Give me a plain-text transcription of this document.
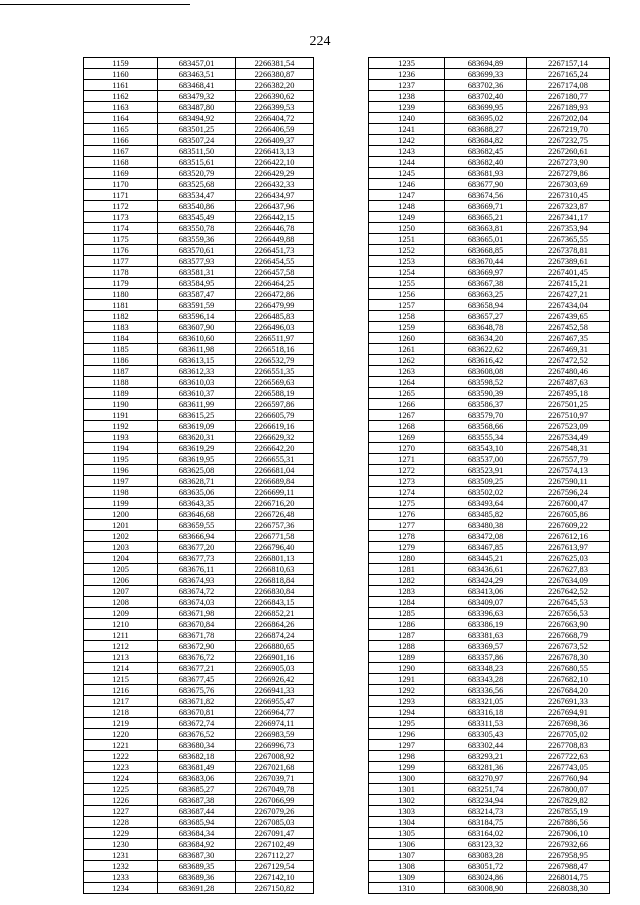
224
1159	683457,01	2266381,54
1160	683463,51	2266380,87
1161	683468,41	2266382,20
1162	683479,32	2266390,62
1163	683487,80	2266399,53
1164	683494,92	2266404,72
1165	683501,25	2266406,59
1166	683507,24	2266409,37
1167	683511,50	2266413,13
1168	683515,61	2266422,10
1169	683520,79	2266429,29
1170	683525,68	2266432,33
1171	683534,47	2266434,97
1172	683540,86	2266437,96
1173	683545,49	2266442,15
1174	683550,78	2266446,78
1175	683559,36	2266449,88
1176	683570,61	2266451,73
1177	683577,93	2266454,55
1178	683581,31	2266457,58
1179	683584,95	2266464,25
1180	683587,47	2266472,86
1181	683591,59	2266479,99
1182	683596,14	2266485,83
1183	683607,90	2266496,03
1184	683610,60	2266511,97
1185	683611,98	2266518,16
1186	683613,15	2266532,79
1187	683612,33	2266551,35
1188	683610,03	2266569,63
1189	683610,37	2266588,19
1190	683611,99	2266597,86
1191	683615,25	2266605,79
1192	683619,09	2266619,16
1193	683620,31	2266629,32
1194	683619,29	2266642,20
1195	683619,95	2266655,31
1196	683625,08	2266681,04
1197	683628,71	2266689,84
1198	683635,06	2266699,11
1199	683643,35	2266716,20
1200	683646,68	2266726,48
1201	683659,55	2266757,36
1202	683666,94	2266771,58
1203	683677,20	2266796,40
1204	683677,73	2266801,13
1205	683676,11	2266810,63
1206	683674,93	2266818,84
1207	683674,72	2266830,84
1208	683674,03	2266843,15
1209	683671,98	2266852,21
1210	683670,84	2266864,26
1211	683671,78	2266874,24
1212	683672,90	2266880,65
1213	683676,72	2266901,16
1214	683677,21	2266905,03
1215	683677,45	2266926,42
1216	683675,76	2266941,33
1217	683671,82	2266955,47
1218	683670,81	2266964,77
1219	683672,74	2266974,11
1220	683676,52	2266983,59
1221	683680,34	2266996,73
1222	683682,18	2267008,92
1223	683681,49	2267021,68
1224	683683,06	2267039,71
1225	683685,27	2267049,78
1226	683687,38	2267066,99
1227	683687,44	2267079,26
1228	683685,94	2267085,03
1229	683684,34	2267091,47
1230	683684,92	2267102,49
1231	683687,30	2267112,27
1232	683689,35	2267129,54
1233	683689,36	2267142,10
1234	683691,28	2267150,82
1235	683694,89	2267157,14
1236	683699,33	2267165,24
1237	683702,36	2267174,08
1238	683702,40	2267180,77
1239	683699,95	2267189,93
1240	683695,02	2267202,04
1241	683688,27	2267219,70
1242	683684,82	2267232,75
1243	683682,45	2267260,61
1244	683682,40	2267273,90
1245	683681,93	2267279,86
1246	683677,90	2267303,69
1247	683674,56	2267310,45
1248	683669,71	2267323,87
1249	683665,21	2267341,17
1250	683663,81	2267353,94
1251	683665,01	2267365,55
1252	683668,85	2267378,81
1253	683670,44	2267389,61
1254	683669,97	2267401,45
1255	683667,38	2267415,21
1256	683663,25	2267427,21
1257	683658,94	2267434,04
1258	683657,27	2267439,65
1259	683648,78	2267452,58
1260	683634,20	2267467,35
1261	683622,62	2267469,31
1262	683616,42	2267472,52
1263	683608,08	2267480,46
1264	683598,52	2267487,63
1265	683590,39	2267495,18
1266	683586,37	2267501,25
1267	683579,70	2267510,97
1268	683568,66	2267523,09
1269	683555,34	2267534,49
1270	683543,10	2267548,31
1271	683537,00	2267557,79
1272	683523,91	2267574,13
1273	683509,25	2267590,11
1274	683502,02	2267596,24
1275	683493,64	2267600,47
1276	683485,82	2267605,86
1277	683480,38	2267609,22
1278	683472,08	2267612,16
1279	683467,85	2267613,97
1280	683445,21	2267625,03
1281	683436,61	2267627,83
1282	683424,29	2267634,09
1283	683413,06	2267642,52
1284	683409,07	2267645,53
1285	683396,63	2267656,53
1286	683386,19	2267663,90
1287	683381,63	2267668,79
1288	683369,57	2267673,52
1289	683357,86	2267678,30
1290	683348,23	2267680,55
1291	683343,28	2267682,10
1292	683336,56	2267684,20
1293	683321,05	2267691,33
1294	683316,18	2267694,91
1295	683311,53	2267698,36
1296	683305,43	2267705,02
1297	683302,44	2267708,83
1298	683293,21	2267722,63
1299	683281,36	2267743,05
1300	683270,97	2267760,94
1301	683251,74	2267800,07
1302	683234,94	2267829,82
1303	683214,73	2267855,19
1304	683184,75	2267886,56
1305	683164,02	2267906,10
1306	683123,32	2267932,66
1307	683083,28	2267958,95
1308	683051,72	2267988,47
1309	683024,86	2268014,75
1310	683008,90	2268038,30
